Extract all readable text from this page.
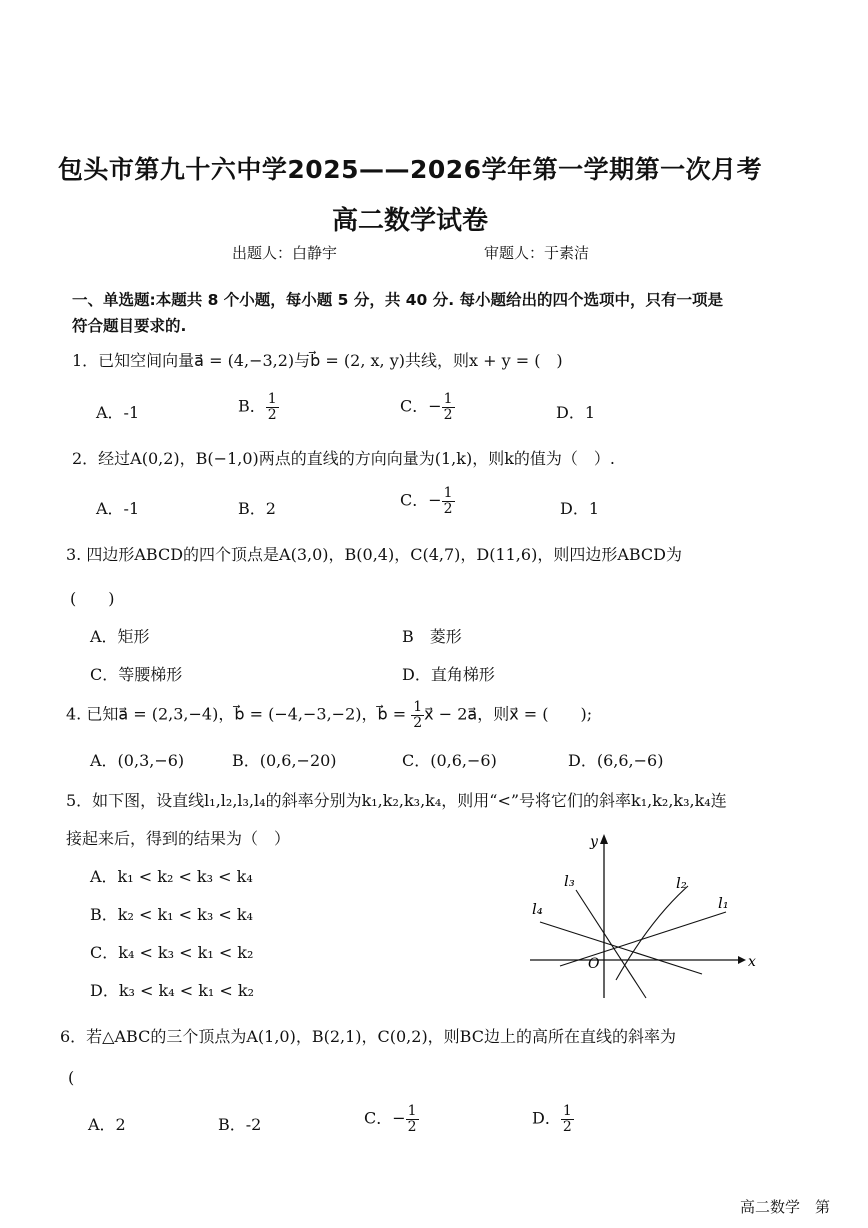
包头市第九十六中学2025——2026学年第一学期第一次月考
高二数学试卷
出题人：白静宇	审题人：于素洁
一、单选题:本题共 8 个小题，每小题 5 分，共 40 分. 每小题给出的四个选项中，只有一项是
符合题目要求的.
1．已知空间向量a⃗ = (4,−3,2)与b⃗ = (2, x, y)共线，则x + y = (　)
A．-1	B． $\frac{1}{2}$	C．− $\frac{1}{2}$	D．1
2．经过A(0,2)，B(−1,0)两点的直线的方向向量为(1,k)，则k的值为（　）.
A．-1	B．2	C．− $\frac{1}{2}$	D．1
3. 四边形ABCD的四个顶点是A(3,0)，B(0,4)，C(4,7)，D(11,6)，则四边形ABCD为
(　　)
A．矩形	B　菱形
C．等腰梯形	D．直角梯形
4. 已知a⃗ = (2,3,−4)，b⃗ = (−4,−3,−2)，b⃗ = $\frac{1}{2}$ x⃗ − 2a⃗，则x⃗ = (　　);
A．(0,3,−6)	B．(0,6,−20)	C．(0,6,−6)	D．(6,6,−6)
5．如下图，设直线l₁,l₂,l₃,l₄的斜率分别为k₁,k₂,k₃,k₄，则用“<”号将它们的斜率k₁,k₂,k₃,k₄连
接起来后，得到的结果为（　）
A．k₁ < k₂ < k₃ < k₄
B．k₂ < k₁ < k₃ < k₄
C．k₄ < k₃ < k₁ < k₂
D．k₃ < k₄ < k₁ < k₂
x
y
O
l₁
l₂
l₃
l₄
6．若△ABC的三个顶点为A(1,0)，B(2,1)，C(0,2)，则BC边上的高所在直线的斜率为
(
A．2	B．-2	C．− $\frac{1}{2}$	D． $\frac{1}{2}$
高二数学　第
